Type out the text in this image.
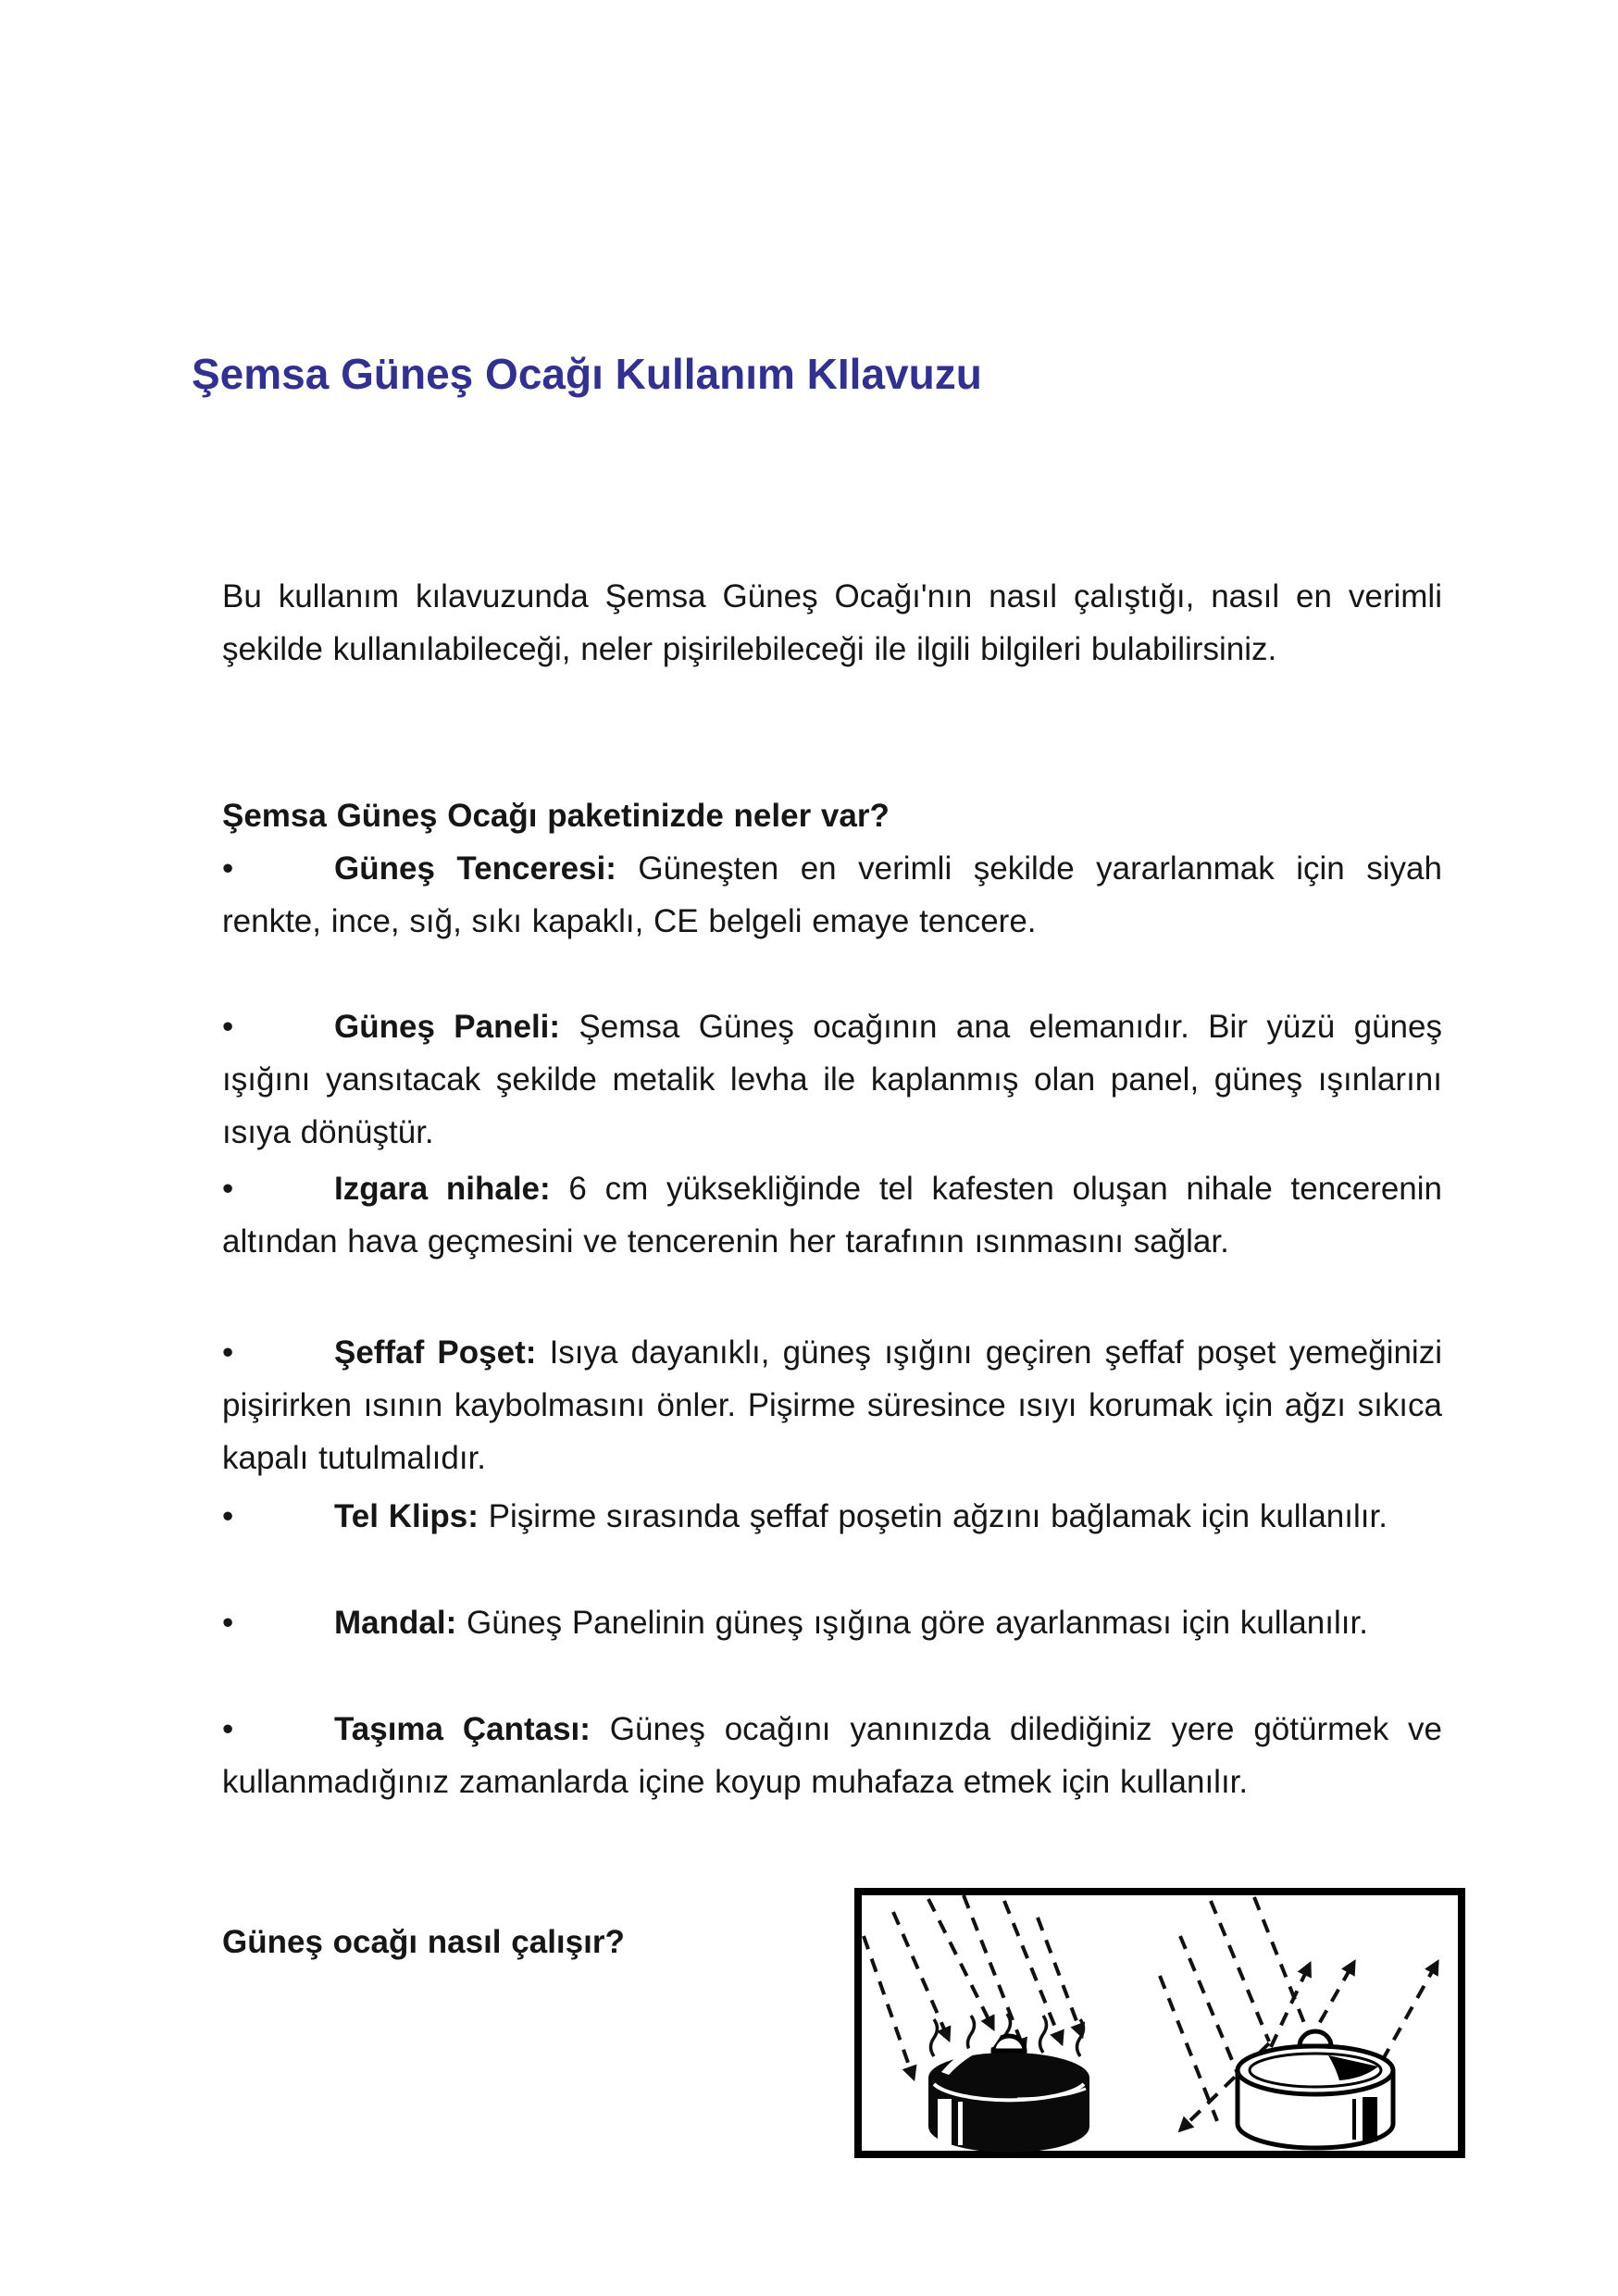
Şemsa Güneş Ocağı Kullanım KIlavuzu

Bu kullanım kılavuzunda Şemsa Güneş Ocağı'nın nasıl çalıştığı, nasıl en verimli şekilde kullanılabileceği, neler pişirilebileceği ile ilgili bilgileri bulabilirsiniz.

Şemsa Güneş Ocağı paketinizde neler var?

•	Güneş Tenceresi: Güneşten en verimli şekilde yararlanmak için siyah renkte, ince, sığ, sıkı kapaklı, CE belgeli emaye tencere.

•	Güneş Paneli: Şemsa Güneş ocağının ana elemanıdır. Bir yüzü güneş ışığını yansıtacak şekilde metalik levha ile kaplanmış olan panel, güneş ışınlarını ısıya dönüştür.

•	Izgara nihale: 6 cm yüksekliğinde tel kafesten oluşan nihale tencerenin altından hava geçmesini ve tencerenin her tarafının ısınmasını sağlar.

•	Şeffaf Poşet: Isıya dayanıklı, güneş ışığını geçiren şeffaf poşet yemeğinizi pişirirken ısının kaybolmasını önler. Pişirme süresince ısıyı korumak için ağzı sıkıca kapalı tutulmalıdır.

•	Tel Klips: Pişirme sırasında şeffaf poşetin ağzını bağlamak için kullanılır.

•	Mandal: Güneş Panelinin güneş ışığına göre ayarlanması için kullanılır.

•	Taşıma Çantası: Güneş ocağını yanınızda dilediğiniz yere götürmek ve kullanmadığınız zamanlarda içine koyup muhafaza etmek için kullanılır.

Güneş ocağı nasıl çalışır?
